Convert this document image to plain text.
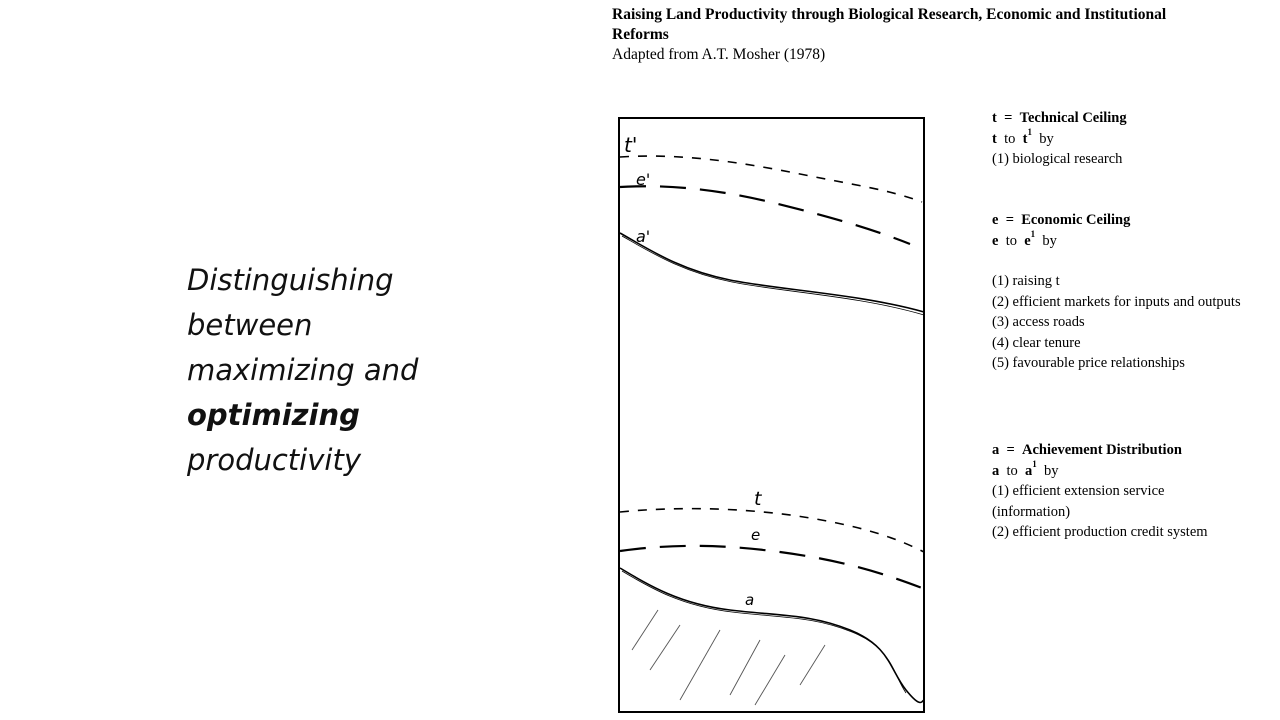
Distinguishing
between
maximizing and
optimizing
productivity
Raising Land Productivity through Biological Research, Economic and Institutional
Reforms
Adapted from A.T. Mosher (1978)
t'
e'
a'
t
e
a
t = Technical Ceiling
t to $t^1$ by
(1) biological research
e = Economic Ceiling
e to $e^1$ by
(1) raising t
(2) efficient markets for inputs and outputs
(3) access roads
(4) clear tenure
(5) favourable price relationships
a = Achievement Distribution
a to $a^1$ by
(1) efficient extension service (information)
(2) efficient production credit system
